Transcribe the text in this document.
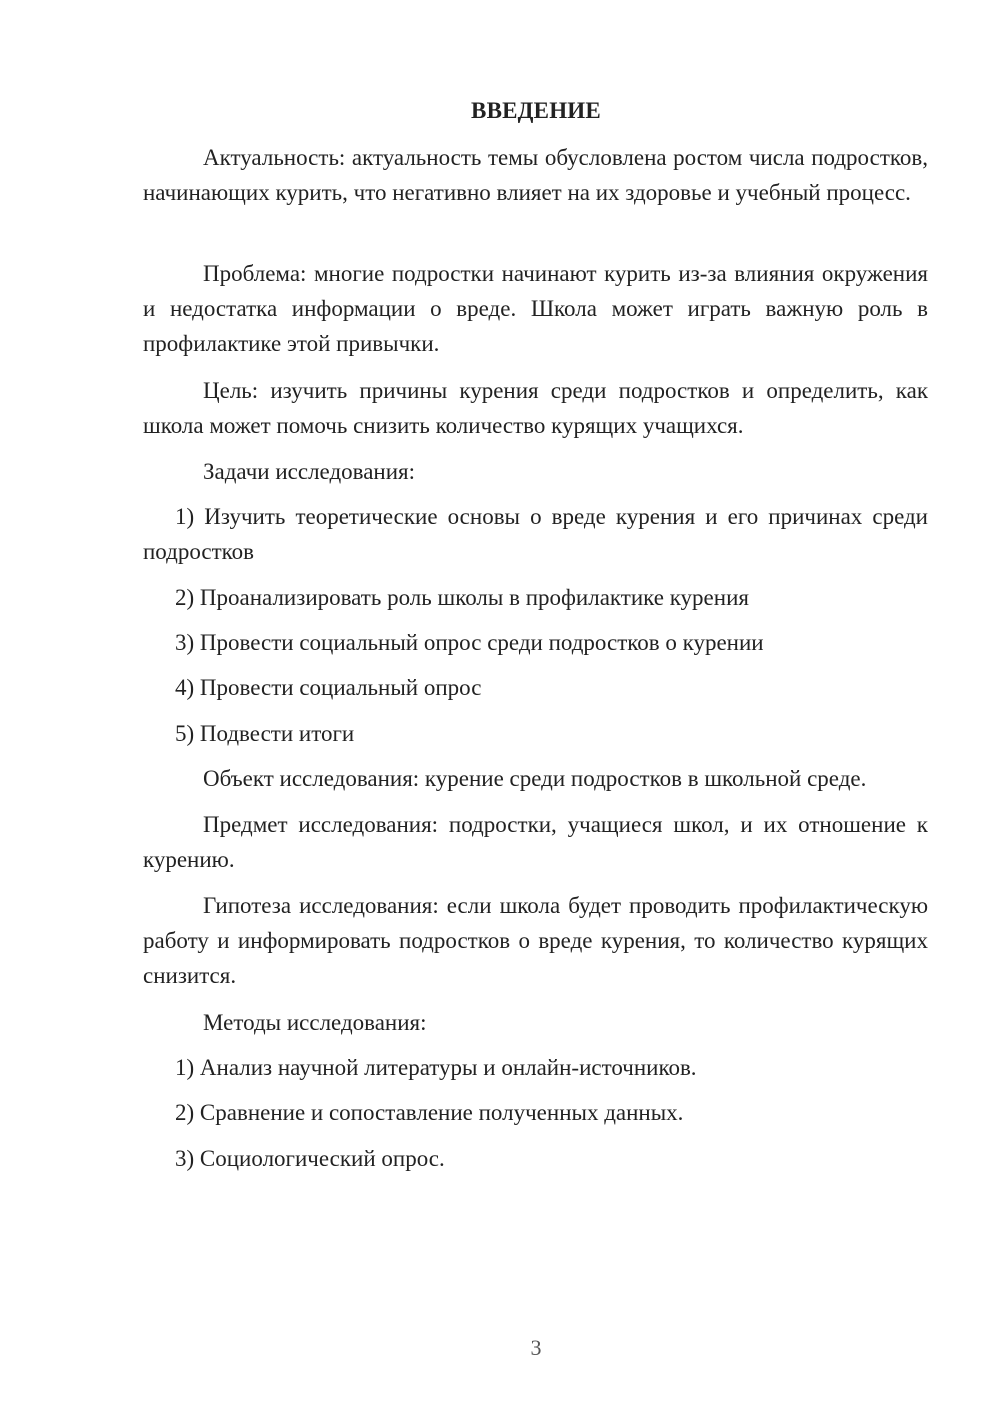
ВВЕДЕНИЕ

Актуальность: актуальность темы обусловлена ростом числа подростков, начинающих курить, что негативно влияет на их здоровье и учебный процесс.

Проблема: многие подростки начинают курить из-за влияния окружения и недостатка информации о вреде. Школа может играть важную роль в профилактике этой привычки.

Цель: изучить причины курения среди подростков и определить, как школа может помочь снизить количество курящих учащихся.

Задачи исследования:

1) Изучить теоретические основы о вреде курения и его причинах среди подростков

2) Проанализировать роль школы в профилактике курения

3) Провести социальный опрос среди подростков о курении

4) Провести социальный опрос

5) Подвести итоги

Объект исследования: курение среди подростков в школьной среде.

Предмет исследования: подростки, учащиеся школ, и их отношение к курению.

Гипотеза исследования: если школа будет проводить профилактическую работу и информировать подростков о вреде курения, то количество курящих снизится.

Методы исследования:

1) Анализ научной литературы и онлайн-источников.

2) Сравнение и сопоставление полученных данных.

3) Социологический опрос.

3
